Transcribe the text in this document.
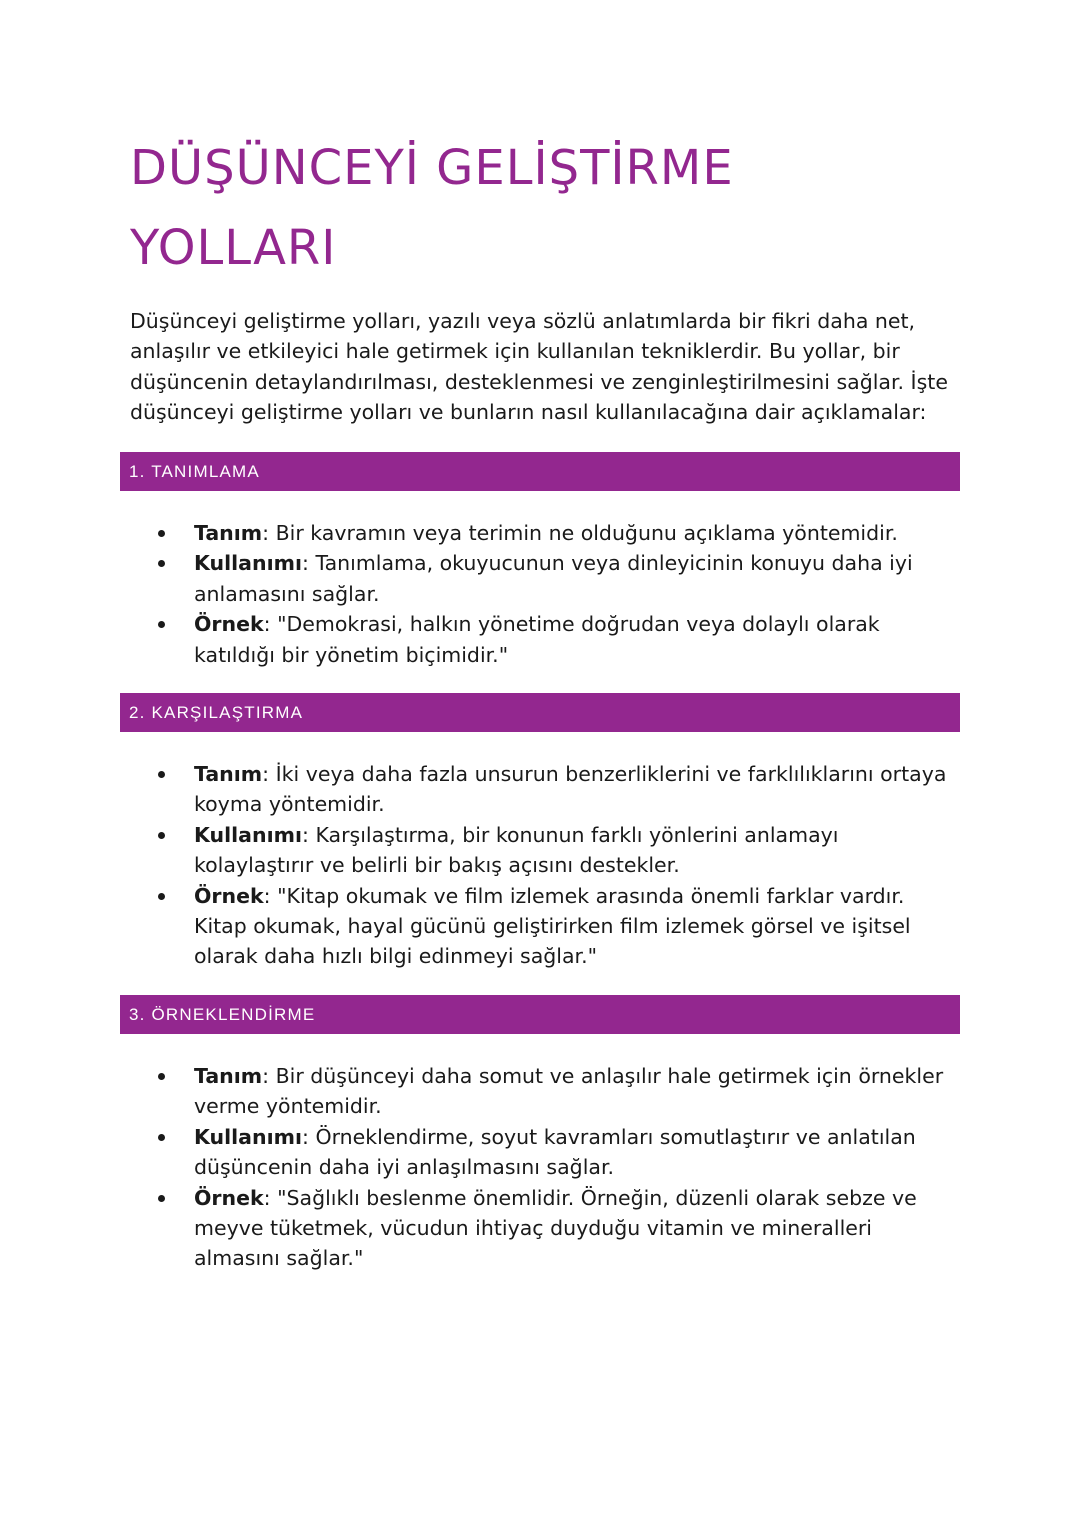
DÜŞÜNCEYİ GELİŞTİRME
YOLLARI

Düşünceyi geliştirme yolları, yazılı veya sözlü anlatımlarda bir fikri daha net, anlaşılır ve etkileyici hale getirmek için kullanılan tekniklerdir. Bu yollar, bir düşüncenin detaylandırılması, desteklenmesi ve zenginleştirilmesini sağlar. İşte düşünceyi geliştirme yolları ve bunların nasıl kullanılacağına dair açıklamalar:

1. TANIMLAMA
Tanım: Bir kavramın veya terimin ne olduğunu açıklama yöntemidir.
Kullanımı: Tanımlama, okuyucunun veya dinleyicinin konuyu daha iyi anlamasını sağlar.
Örnek: "Demokrasi, halkın yönetime doğrudan veya dolaylı olarak katıldığı bir yönetim biçimidir."
2. KARŞILAŞTIRMA
Tanım: İki veya daha fazla unsurun benzerliklerini ve farklılıklarını ortaya koyma yöntemidir.
Kullanımı: Karşılaştırma, bir konunun farklı yönlerini anlamayı kolaylaştırır ve belirli bir bakış açısını destekler.
Örnek: "Kitap okumak ve film izlemek arasında önemli farklar vardır. Kitap okumak, hayal gücünü geliştirirken film izlemek görsel ve işitsel olarak daha hızlı bilgi edinmeyi sağlar."
3. ÖRNEKLENDİRME
Tanım: Bir düşünceyi daha somut ve anlaşılır hale getirmek için örnekler verme yöntemidir.
Kullanımı: Örneklendirme, soyut kavramları somutlaştırır ve anlatılan düşüncenin daha iyi anlaşılmasını sağlar.
Örnek: "Sağlıklı beslenme önemlidir. Örneğin, düzenli olarak sebze ve meyve tüketmek, vücudun ihtiyaç duyduğu vitamin ve mineralleri almasını sağlar."
